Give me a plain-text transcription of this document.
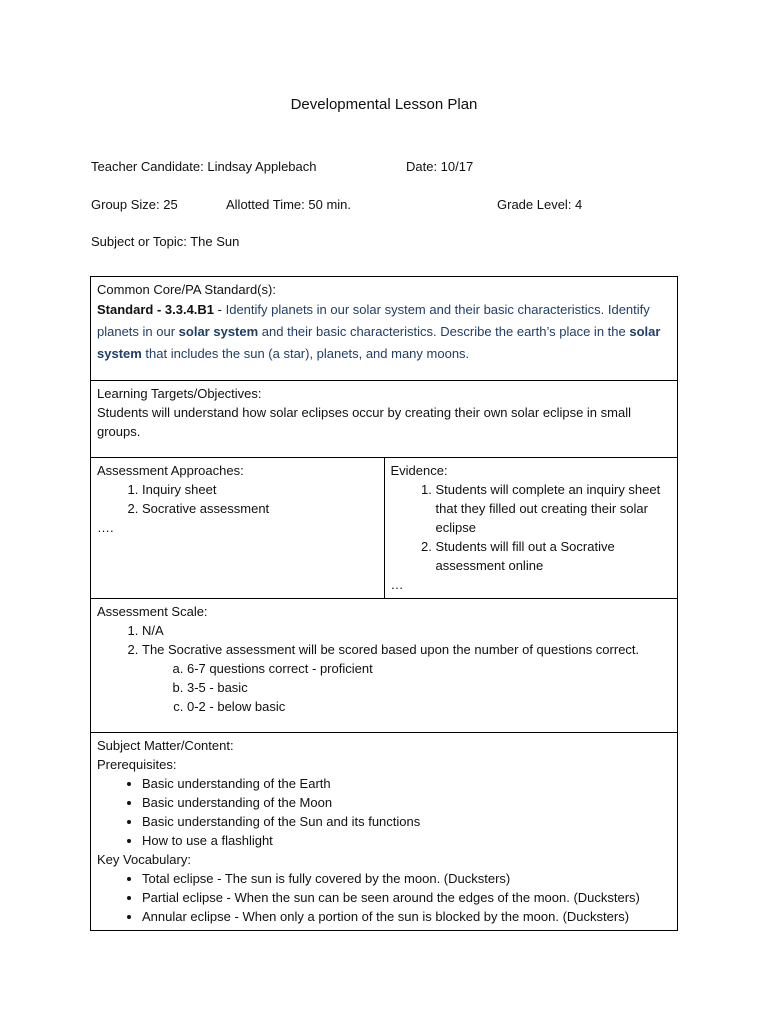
Developmental Lesson Plan
Teacher Candidate: Lindsay Applebach	Date: 10/17
Group Size: 25	Allotted Time: 50 min.	Grade Level: 4
Subject or Topic: The Sun
Common Core/PA Standard(s):
Standard - 3.3.4.B1 - Identify planets in our solar system and their basic characteristics. Identify planets in our solar system and their basic characteristics. Describe the earth’s place in the solar system that includes the sun (a star), planets, and many moons.

Learning Targets/Objectives:
Students will understand how solar eclipses occur by creating their own solar eclipse in small groups.

Assessment Approaches:
1. Inquiry sheet
2. Socrative assessment
….

Evidence:
1. Students will complete an inquiry sheet that they filled out creating their solar eclipse
2. Students will fill out a Socrative assessment online
…

Assessment Scale:
1. N/A
2. The Socrative assessment will be scored based upon the number of questions correct.
a. 6-7 questions correct - proficient
b. 3-5 - basic
c. 0-2 - below basic

Subject Matter/Content:
Prerequisites:
• Basic understanding of the Earth
• Basic understanding of the Moon
• Basic understanding of the Sun and its functions
• How to use a flashlight
Key Vocabulary:
• Total eclipse - The sun is fully covered by the moon. (Ducksters)
• Partial eclipse - When the sun can be seen around the edges of the moon. (Ducksters)
• Annular eclipse - When only a portion of the sun is blocked by the moon. (Ducksters)
